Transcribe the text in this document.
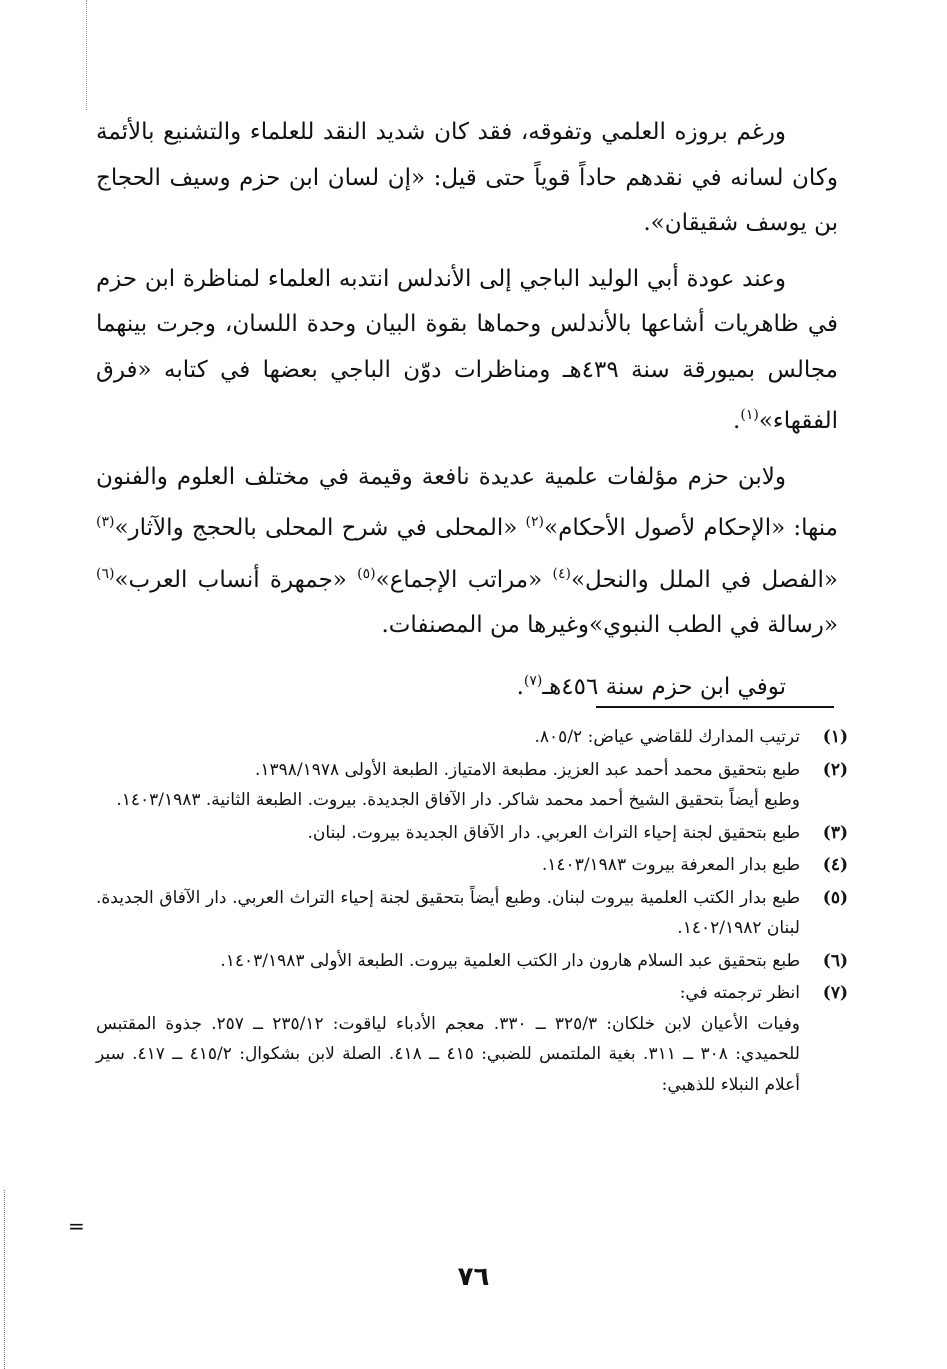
ورغم بروزه العلمي وتفوقه، فقد كان شديد النقد للعلماء والتشنيع بالأئمة وكان لسانه في نقدهم حاداً قوياً حتى قيل: «إن لسان ابن حزم وسيف الحجاج بن يوسف شقيقان».

وعند عودة أبي الوليد الباجي إلى الأندلس انتدبه العلماء لمناظرة ابن حزم في ظاهريات أشاعها بالأندلس وحماها بقوة البيان وحدة اللسان، وجرت بينهما مجالس بميورقة سنة ٤٣٩هـ ومناظرات دوّن الباجي بعضها في كتابه «فرق الفقهاء»$^{(١)}$.

ولابن حزم مؤلفات علمية عديدة نافعة وقيمة في مختلف العلوم والفنون منها: «الإحكام لأصول الأحكام»$^{(٢)}$ «المحلى في شرح المحلى بالحجج والآثار»$^{(٣)}$ «الفصل في الملل والنحل»$^{(٤)}$ «مراتب الإجماع»$^{(٥)}$ «جمهرة أنساب العرب»$^{(٦)}$ «رسالة في الطب النبوي»وغيرها من المصنفات.

توفي ابن حزم سنة ٤٥٦هـ$^{(٧)}$.

(١)
ترتيب المدارك للقاضي عياض: ٨٠٥/٢.
(٢)
طبع بتحقيق محمد أحمد عبد العزيز. مطبعة الامتياز. الطبعة الأولى ١٣٩٨/١٩٧٨.
وطبع أيضاً بتحقيق الشيخ أحمد محمد شاكر. دار الآفاق الجديدة. بيروت. الطبعة الثانية. ١٤٠٣/١٩٨٣.
(٣)
طبع بتحقيق لجنة إحياء التراث العربي. دار الآفاق الجديدة بيروت. لبنان.
(٤)
طبع بدار المعرفة بيروت ١٤٠٣/١٩٨٣.
(٥)
طبع بدار الكتب العلمية بيروت لبنان. وطبع أيضاً بتحقيق لجنة إحياء التراث العربي. دار الآفاق الجديدة. لبنان ١٤٠٢/١٩٨٢.
(٦)
طبع بتحقيق عبد السلام هارون دار الكتب العلمية بيروت. الطبعة الأولى ١٤٠٣/١٩٨٣.
(٧)
انظر ترجمته في:
وفيات الأعيان لابن خلكان: ٣٢٥/٣ ــ ٣٣٠. معجم الأدباء لياقوت: ٢٣٥/١٢ ــ ٢٥٧. جذوة المقتبس للحميدي: ٣٠٨ ــ ٣١١. بغية الملتمس للضبي: ٤١٥ ــ ٤١٨. الصلة لابن بشكوال: ٤١٥/٢ ــ ٤١٧. سير أعلام النبلاء للذهبي:
=
٧٦
